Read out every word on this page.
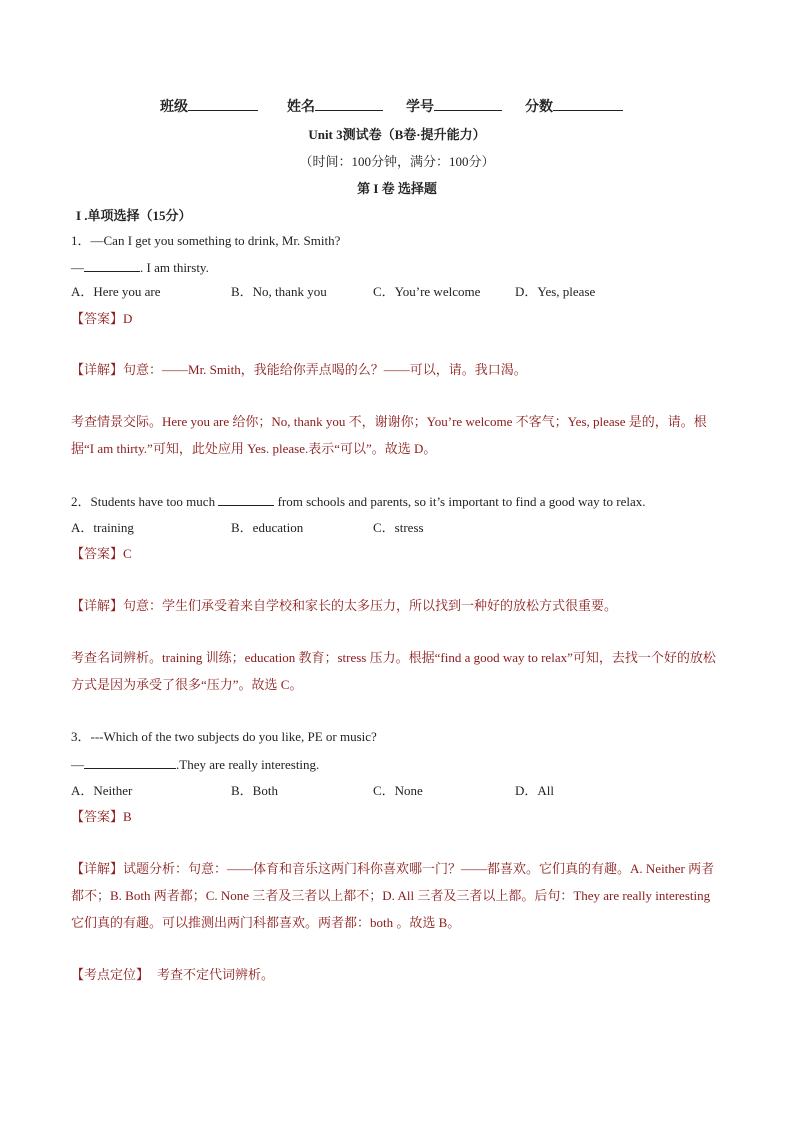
班级	姓名	学号	分数
Unit 3测试卷（B卷·提升能力）
（时间：100分钟，满分：100分）
第 I 卷 选择题
I .单项选择（15分）
1．—Can I get you something to drink, Mr. Smith?
—	. I am thirsty.
A．Here you are	B．No, thank you	C．You’re welcome	D．Yes, please
【答案】D
【详解】句意：——Mr. Smith，我能给你弄点喝的么？——可以，请。我口渴。
考查情景交际。Here you are 给你；No, thank you 不，谢谢你；You’re welcome 不客气；Yes, please 是的，请。根据“I am thirty.”可知，此处应用 Yes. please.表示“可以”。故选 D。
2．Students have too much	from schools and parents, so it’s important to find a good way to relax.
A．training	B．education	C．stress
【答案】C
【详解】句意：学生们承受着来自学校和家长的太多压力，所以找到一种好的放松方式很重要。
考查名词辨析。training 训练；education 教育；stress 压力。根据“find a good way to relax”可知，去找一个好的放松方式是因为承受了很多“压力”。故选 C。
3．---Which of the two subjects do you like, PE or music?
—	.They are really interesting.
A．Neither	B．Both	C．None	D．All
【答案】B
【详解】试题分析：句意：——体育和音乐这两门科你喜欢哪一门？——都喜欢。它们真的有趣。A. Neither 两者都不；B. Both 两者都；C. None 三者及三者以上都不；D. All 三者及三者以上都。后句：They are really interesting 它们真的有趣。可以推测出两门科都喜欢。两者都：both 。故选 B。
【考点定位】 考查不定代词辨析。
